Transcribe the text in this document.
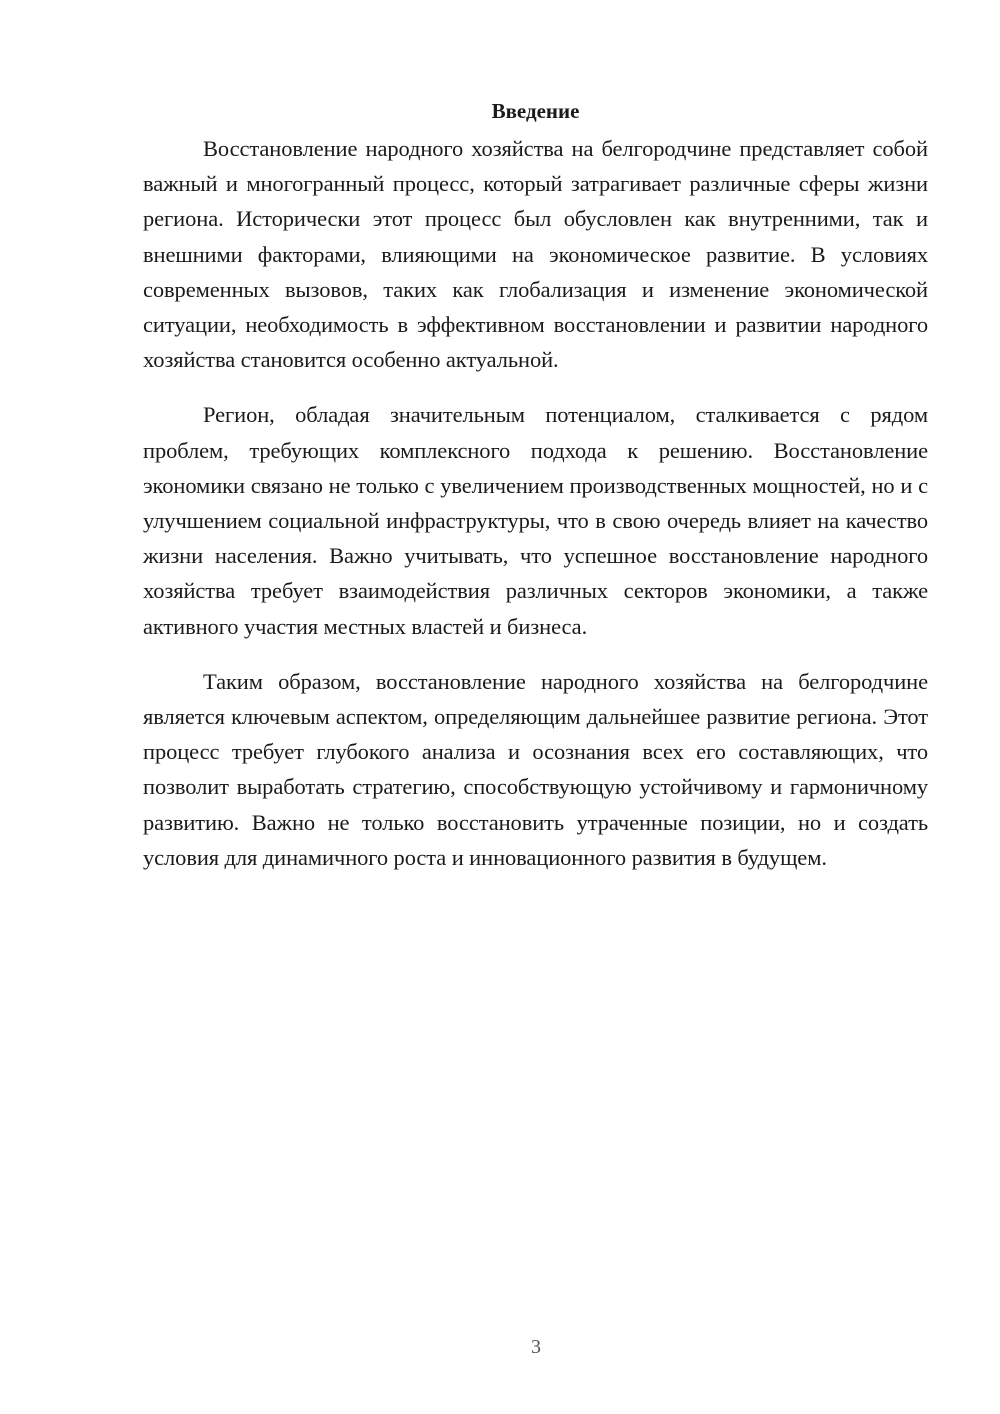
Введение

Восстановление народного хозяйства на белгородчине представляет собой важный и многогранный процесс, который затрагивает различные сферы жизни региона. Исторически этот процесс был обусловлен как внутренними, так и внешними факторами, влияющими на экономическое развитие. В условиях современных вызовов, таких как глобализация и изменение экономической ситуации, необходимость в эффективном восстановлении и развитии народного хозяйства становится особенно актуальной.

Регион, обладая значительным потенциалом, сталкивается с рядом проблем, требующих комплексного подхода к решению. Восстановление экономики связано не только с увеличением производственных мощностей, но и с улучшением социальной инфраструктуры, что в свою очередь влияет на качество жизни населения. Важно учитывать, что успешное восстановление народного хозяйства требует взаимодействия различных секторов экономики, а также активного участия местных властей и бизнеса.

Таким образом, восстановление народного хозяйства на белгородчине является ключевым аспектом, определяющим дальнейшее развитие региона. Этот процесс требует глубокого анализа и осознания всех его составляющих, что позволит выработать стратегию, способствующую устойчивому и гармоничному развитию. Важно не только восстановить утраченные позиции, но и создать условия для динамичного роста и инновационного развития в будущем.

3
